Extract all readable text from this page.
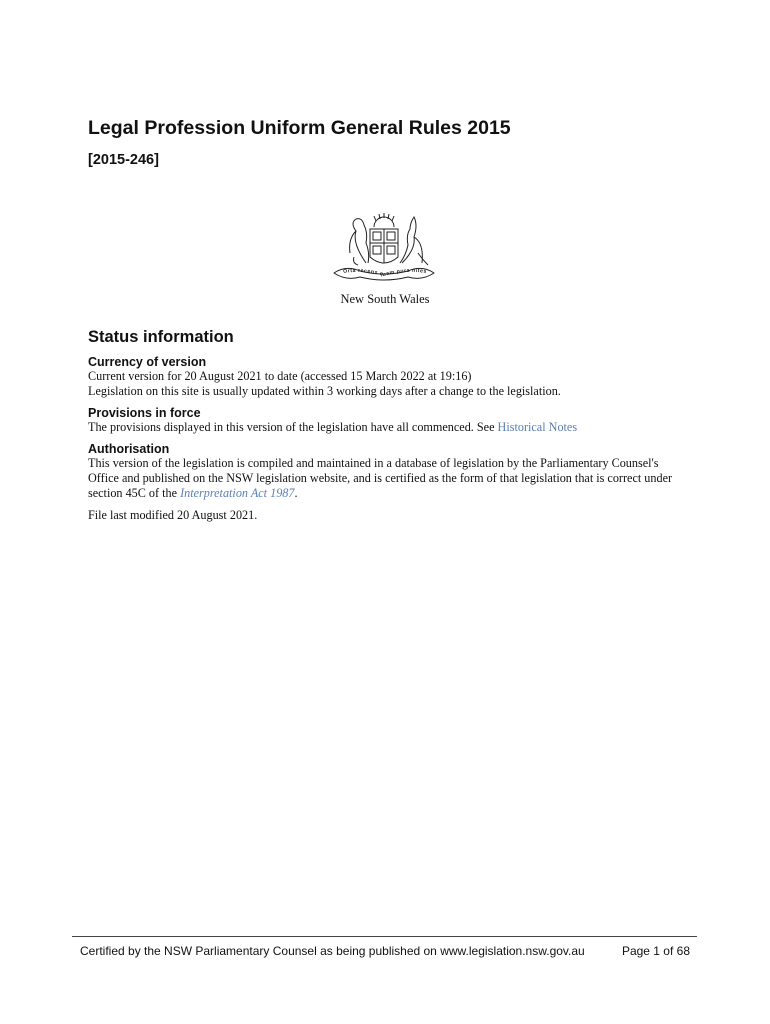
Legal Profession Uniform General Rules 2015
[2015-246]
Orta recens quam pura nites
New South Wales
Status information
Currency of version

Current version for 20 August 2021 to date (accessed 15 March 2022 at 19:16)

Legislation on this site is usually updated within 3 working days after a change to the legislation.

Provisions in force

The provisions displayed in this version of the legislation have all commenced. See Historical Notes

Authorisation

This version of the legislation is compiled and maintained in a database of legislation by the Parliamentary Counsel's Office and published on the NSW legislation website, and is certified as the form of that legislation that is correct under section 45C of the Interpretation Act 1987.

File last modified 20 August 2021.
Certified by the NSW Parliamentary Counsel as being published on www.legislation.nsw.gov.au	Page 1 of 68
